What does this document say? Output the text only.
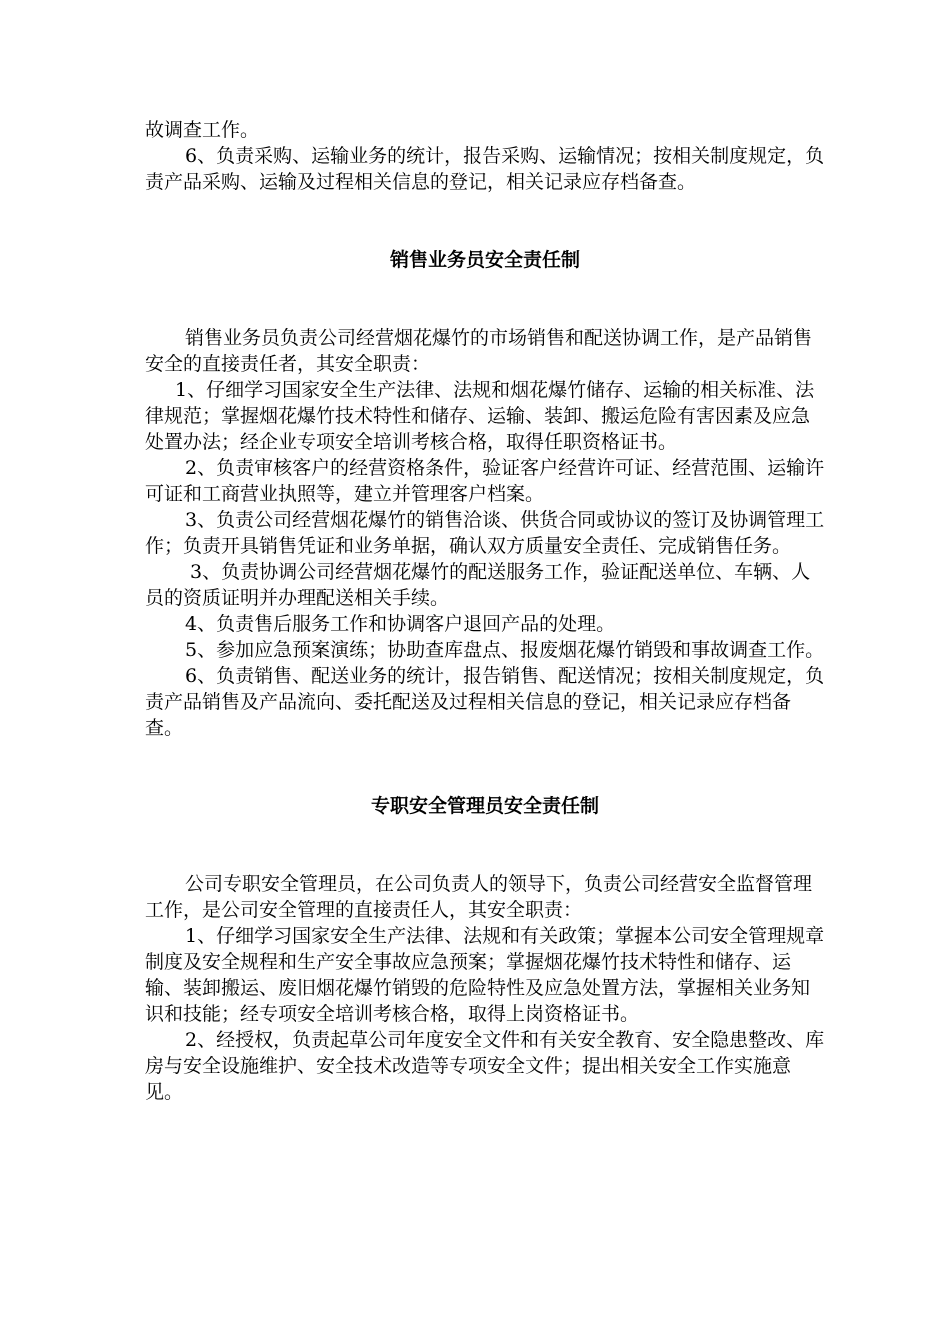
故调查工作。

6、负责采购、运输业务的统计，报告采购、运输情况；按相关制度规定，负责产品采购、运输及过程相关信息的登记，相关记录应存档备查。

销售业务员安全责任制

销售业务员负责公司经营烟花爆竹的市场销售和配送协调工作，是产品销售安全的直接责任者，其安全职责：

1、仔细学习国家安全生产法律、法规和烟花爆竹储存、运输的相关标准、法律规范；掌握烟花爆竹技术特性和储存、运输、装卸、搬运危险有害因素及应急处置办法；经企业专项安全培训考核合格，取得任职资格证书。

2、负责审核客户的经营资格条件，验证客户经营许可证、经营范围、运输许可证和工商营业执照等，建立并管理客户档案。

3、负责公司经营烟花爆竹的销售洽谈、供货合同或协议的签订及协调管理工作；负责开具销售凭证和业务单据，确认双方质量安全责任、完成销售任务。

3、负责协调公司经营烟花爆竹的配送服务工作，验证配送单位、车辆、人员的资质证明并办理配送相关手续。

4、负责售后服务工作和协调客户退回产品的处理。

5、参加应急预案演练；协助查库盘点、报废烟花爆竹销毁和事故调查工作。

6、负责销售、配送业务的统计，报告销售、配送情况；按相关制度规定，负责产品销售及产品流向、委托配送及过程相关信息的登记，相关记录应存档备查。

专职安全管理员安全责任制

公司专职安全管理员，在公司负责人的领导下，负责公司经营安全监督管理工作，是公司安全管理的直接责任人，其安全职责：

1、仔细学习国家安全生产法律、法规和有关政策；掌握本公司安全管理规章制度及安全规程和生产安全事故应急预案；掌握烟花爆竹技术特性和储存、运输、装卸搬运、废旧烟花爆竹销毁的危险特性及应急处置方法，掌握相关业务知识和技能；经专项安全培训考核合格，取得上岗资格证书。

2、经授权，负责起草公司年度安全文件和有关安全教育、安全隐患整改、库房与安全设施维护、安全技术改造等专项安全文件；提出相关安全工作实施意见。
